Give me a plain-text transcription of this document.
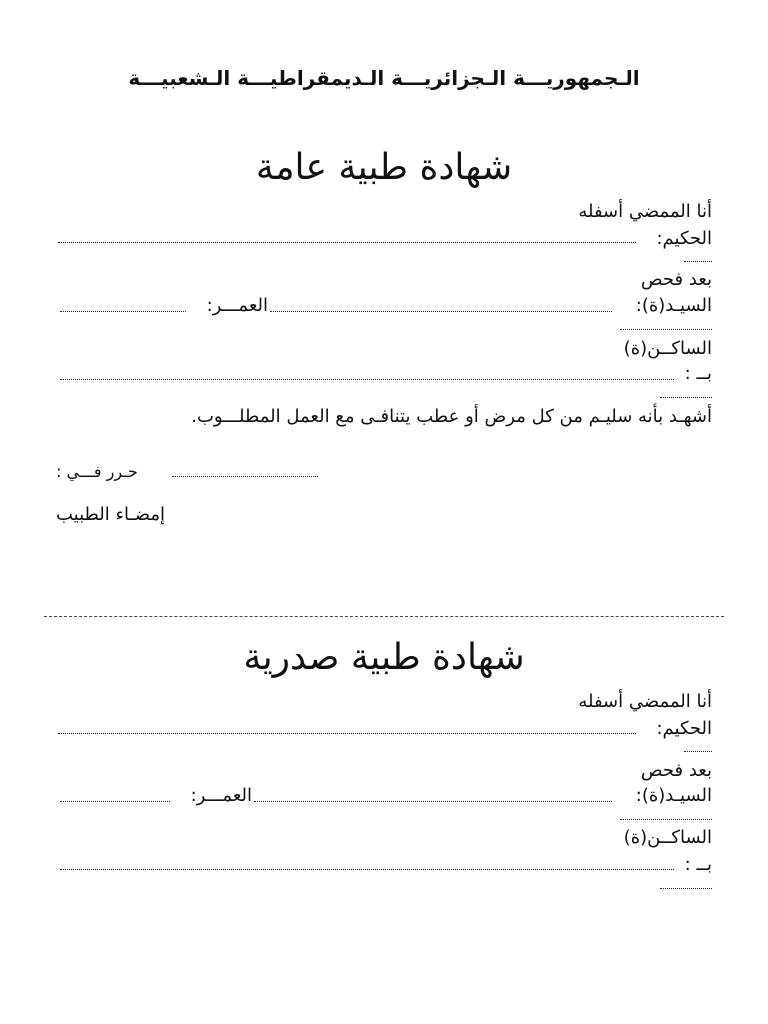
الـجمهوريـــة الـجزائريـــة الـديمقراطيـــة الـشعبيـــة
شهادة طبية عامة
أنا الممضي أسفله
الحكيم:
بعد فحص
السيـد(ة):
العمـــر:
الساكــن(ة)
بــ :
أشهـد بأنه سليـم من كل مرض أو عطب يتنافـى مع العمل المطلـــوب.
: حـرر فـــي
إمضـاء الطبيب
شهادة طبية صدرية
أنا الممضي أسفله
الحكيم:
بعد فحص
السيـد(ة):
العمـــر:
الساكــن(ة)
بــ :
